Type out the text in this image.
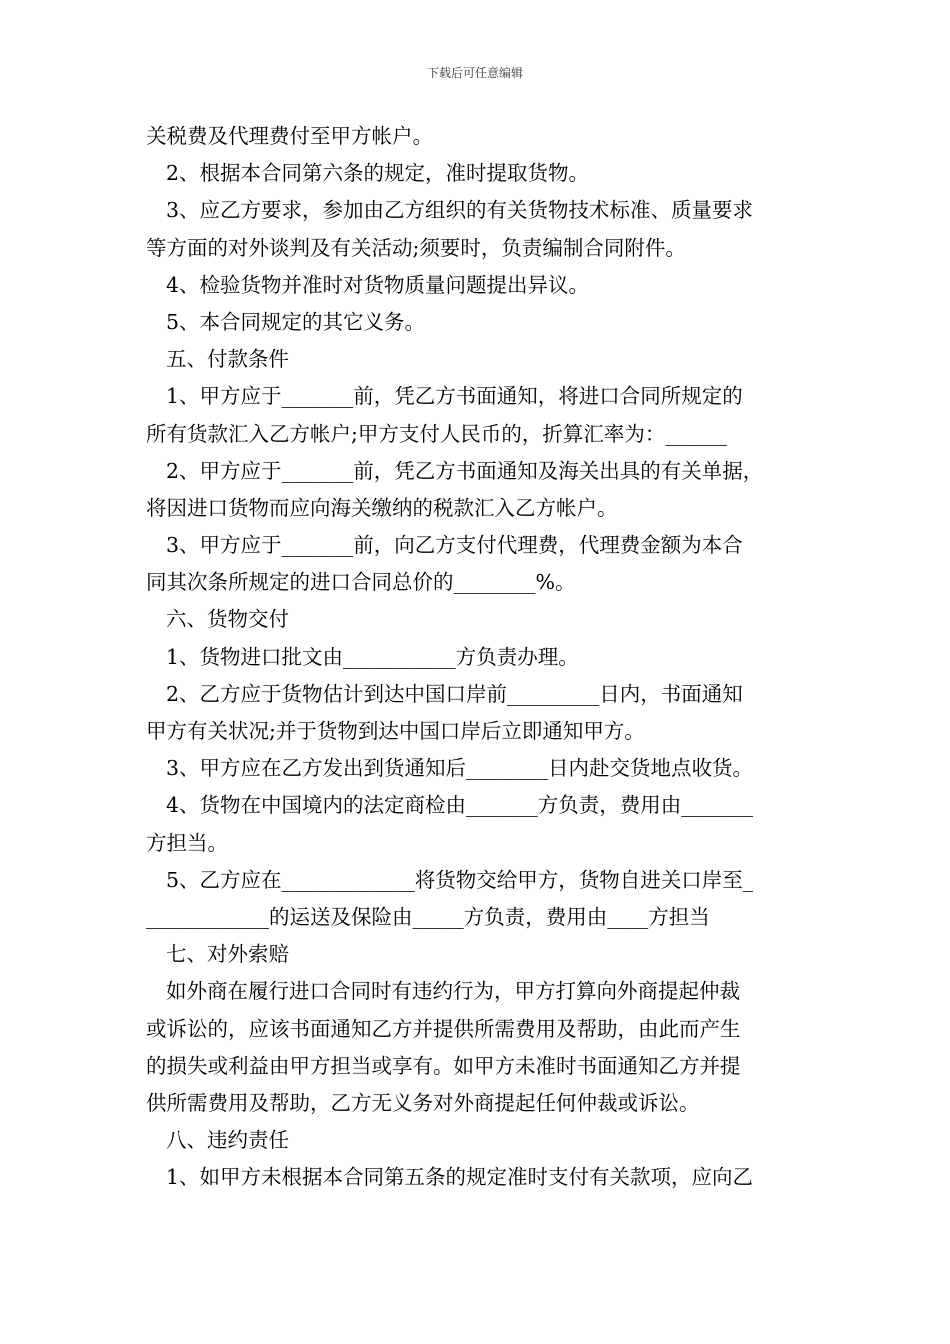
下载后可任意编辑
关税费及代理费付至甲方帐户。
2、根据本合同第六条的规定，准时提取货物。
3、应乙方要求，参加由乙方组织的有关货物技术标准、质量要求
等方面的对外谈判及有关活动;须要时，负责编制合同附件。
4、检验货物并准时对货物质量问题提出异议。
5、本合同规定的其它义务。
五、付款条件
1、甲方应于_______前，凭乙方书面通知，将进口合同所规定的
所有货款汇入乙方帐户;甲方支付人民币的，折算汇率为：______
2、甲方应于_______前，凭乙方书面通知及海关出具的有关单据，
将因进口货物而应向海关缴纳的税款汇入乙方帐户。
3、甲方应于_______前，向乙方支付代理费，代理费金额为本合
同其次条所规定的进口合同总价的________%。
六、货物交付
1、货物进口批文由___________方负责办理。
2、乙方应于货物估计到达中国口岸前_________日内，书面通知
甲方有关状况;并于货物到达中国口岸后立即通知甲方。
3、甲方应在乙方发出到货通知后________日内赴交货地点收货。
4、货物在中国境内的法定商检由_______方负责，费用由_______
方担当。
5、乙方应在_____________将货物交给甲方，货物自进关口岸至_
____________的运送及保险由_____方负责，费用由____方担当
七、对外索赔
如外商在履行进口合同时有违约行为，甲方打算向外商提起仲裁
或诉讼的，应该书面通知乙方并提供所需费用及帮助，由此而产生
的损失或利益由甲方担当或享有。如甲方未准时书面通知乙方并提
供所需费用及帮助，乙方无义务对外商提起任何仲裁或诉讼。
八、违约责任
1、如甲方未根据本合同第五条的规定准时支付有关款项，应向乙
